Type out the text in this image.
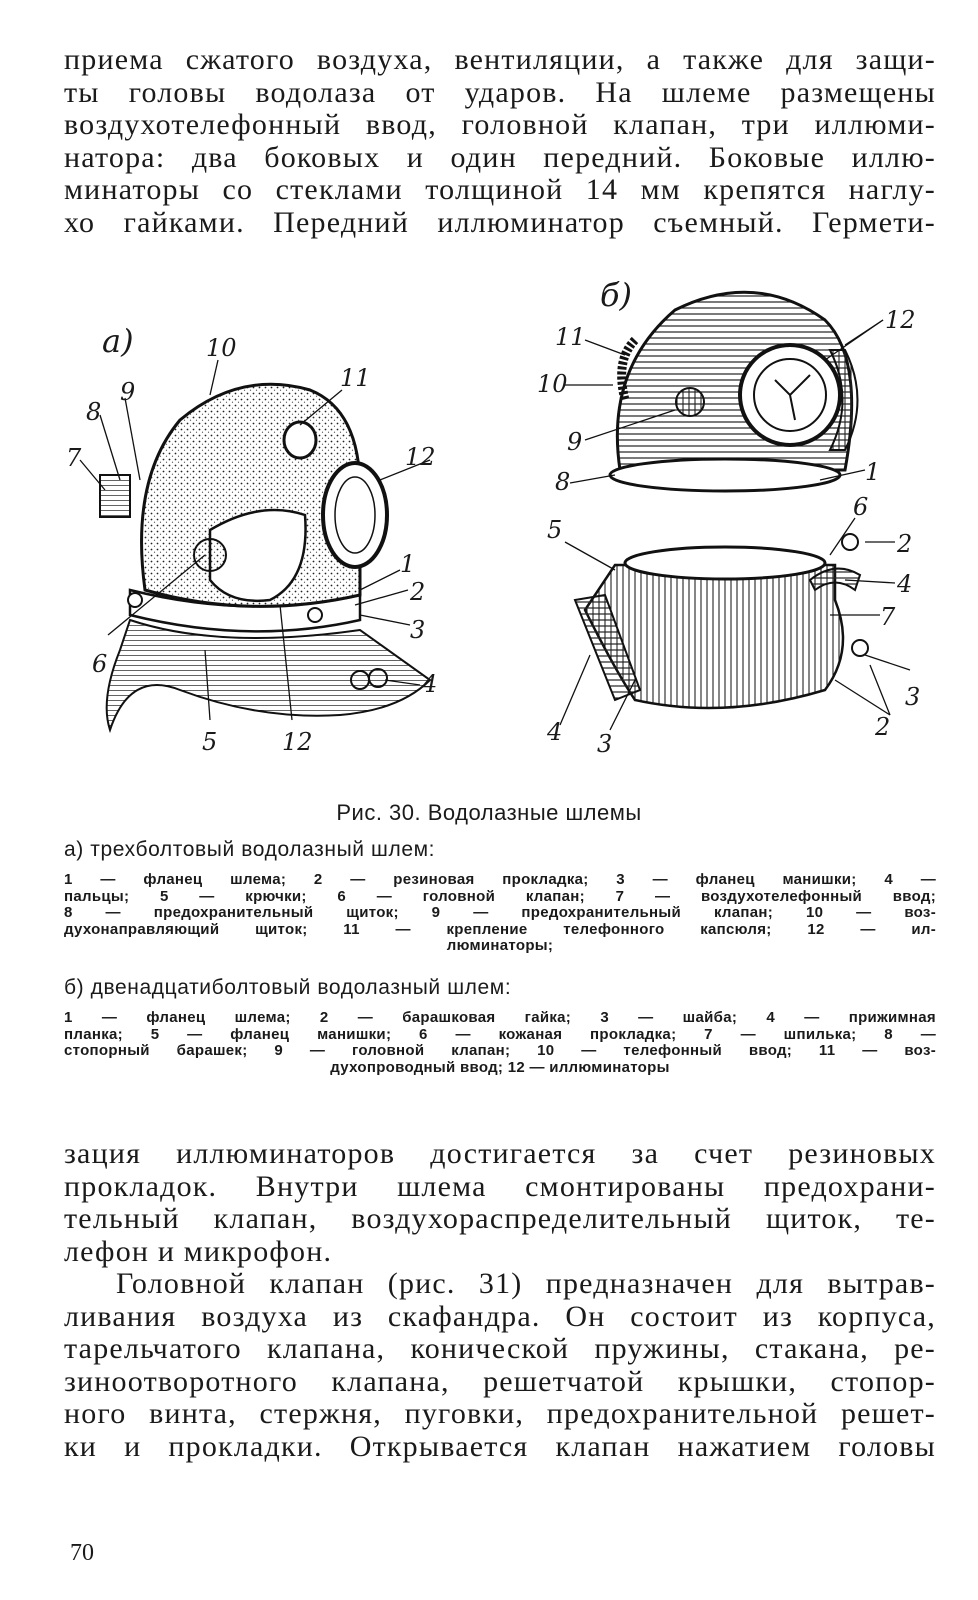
приема сжатого воздуха, вентиляции, а также для защи-
ты головы водолаза от ударов. На шлеме размещены
воздухотелефонный ввод, головной клапан, три иллюми-
натора: два боковых и один передний. Боковые иллю-
минаторы со стеклами толщиной 14 мм крепятся наглу-
хо гайками. Передний иллюминатор съемный. Гермети-
а)	10
11
9
8
7	12
1
2
3
4
6
5	12
б)
12
11
10
9
8	1
6
5	2
4
7
3
2
4 3
Рис. 30. Водолазные шлемы
а) трехболтовый водолазный шлем:
1 — фланец шлема; 2 — резиновая прокладка; 3 — фланец манишки; 4 —
пальцы; 5 — крючки; 6 — головной клапан; 7 — воздухотелефонный ввод;
8 — предохранительный щиток; 9 — предохранительный клапан; 10 — воз-
духонаправляющий щиток; 11 — крепление телефонного капсюля; 12 — ил-
люминаторы;
б) двенадцатиболтовый водолазный шлем:
1 — фланец шлема; 2 — барашковая гайка; 3 — шайба; 4 — прижимная
планка; 5 — фланец манишки; 6 — кожаная прокладка; 7 — шпилька; 8 —
стопорный барашек; 9 — головной клапан; 10 — телефонный ввод; 11 — воз-
духопроводный ввод; 12 — иллюминаторы
зация иллюминаторов достигается за счет резиновых
прокладок. Внутри шлема смонтированы предохрани-
тельный клапан, воздухораспределительный щиток, те-
лефон и микрофон.
Головной клапан (рис. 31) предназначен для вытрав-
ливания воздуха из скафандра. Он состоит из корпуса,
тарельчатого клапана, конической пружины, стакана, ре-
зиноотворотного клапана, решетчатой крышки, стопор-
ного винта, стержня, пуговки, предохранительной решет-
ки и прокладки. Открывается клапан нажатием головы
70
